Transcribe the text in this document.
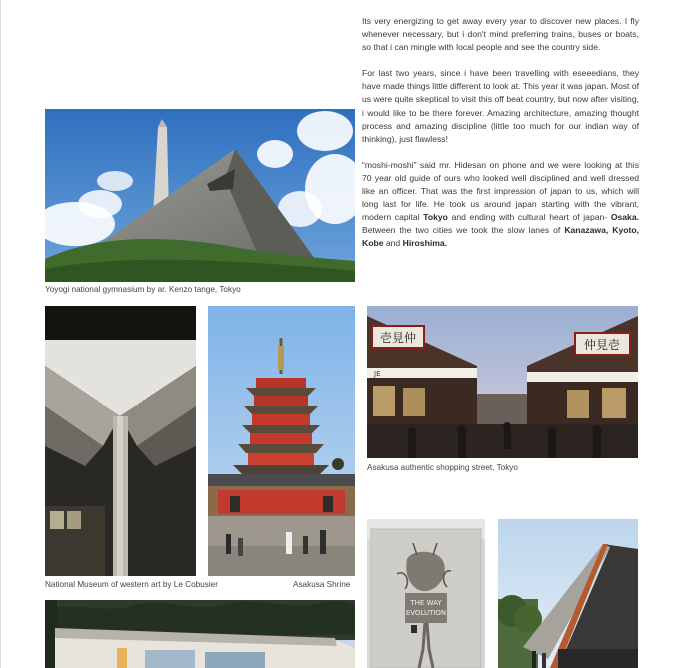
Its very energizing to get away every year to discover new places. I fly whenever necessary, but i don't mind preferring trains, buses or boats, so that i can mingle with local people and see the country side.

For last two years, since i have been travelling with eseeedians, they have made things little different to look at. This year it was japan. Most of us were quite skeptical to visit this off beat country, but now after visiting, i would like to be there forever. Amazing architecture, amazing thought process and amazing discipline (little too much for our indian way of thinking), just flawless!

“moshi-moshi” said mr. Hidesan on phone and we were looking at this 70 year old guide of ours who looked well disciplined and well dressed like an officer. That was the first impression of japan to us, which will long last for life. He took us around japan starting with the vibrant, modern capital Tokyo and ending with cultural heart of japan- Osaka. Between the two cities we took the slow lanes of Kanazawa, Kyoto, Kobe and Hiroshima.

Yoyogi national gymnasium by ar. Kenzo tange, Tokyo
National Museum of western art by Le Cobusier	Asakusa Shrine
壱見仲	仲見壱
JE
Asakusa authentic shopping street, Tokyo
THE WAY
EVOLUTION
